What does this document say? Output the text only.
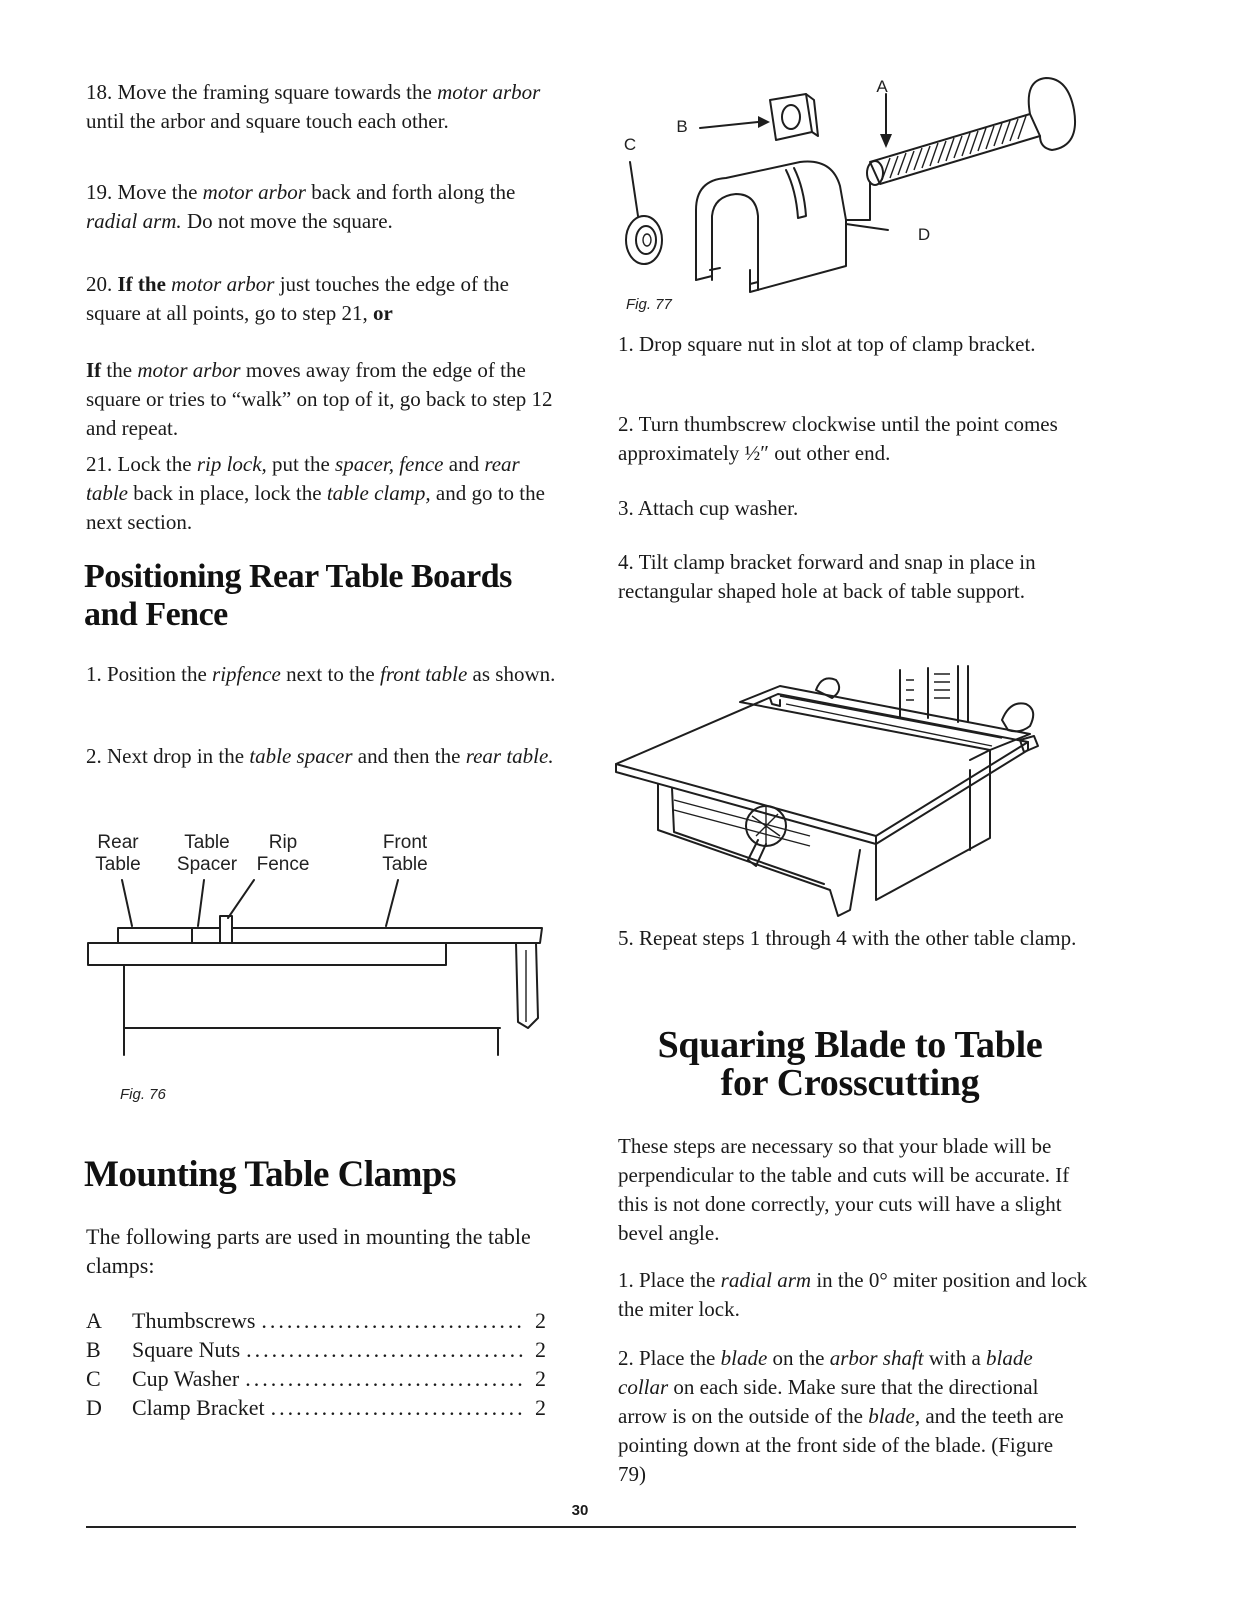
18. Move the framing square towards the motor arbor until the arbor and square touch each other.

19. Move the motor arbor back and forth along the radial arm. Do not move the square.

20. If the motor arbor just touches the edge of the square at all points, go to step 21, or

If the motor arbor moves away from the edge of the square or tries to “walk” on top of it, go back to step 12 and repeat.

21. Lock the rip lock, put the spacer, fence and rear table back in place, lock the table clamp, and go to the next section.

Positioning Rear Table Boards and Fence

1. Position the ripfence next to the front table as shown.

2. Next drop in the table spacer and then the rear table.

Rear
Table
Table
Spacer
Rip
Fence
Front
Table
Fig. 76
Mounting Table Clamps

The following parts are used in mounting the table clamps:

A	Thumbscrews .....	2
B	Square Nuts .....	2
C	Cup Washer .....	2
D	Clamp Bracket .....	2
A
B
C
D
Fig. 77

1. Drop square nut in slot at top of clamp bracket.

2. Turn thumbscrew clockwise until the point comes approximately ½″ out other end.

3. Attach cup washer.

4. Tilt clamp bracket forward and snap in place in rectangular shaped hole at back of table support.

5. Repeat steps 1 through 4 with the other table clamp.

Squaring Blade to Table
for Crosscutting

These steps are necessary so that your blade will be perpendicular to the table and cuts will be accurate. If this is not done correctly, your cuts will have a slight bevel angle.

1. Place the radial arm in the 0° miter position and lock the miter lock.

2. Place the blade on the arbor shaft with a blade collar on each side. Make sure that the directional arrow is on the outside of the blade, and the teeth are pointing down at the front side of the blade. (Figure 79)

30
